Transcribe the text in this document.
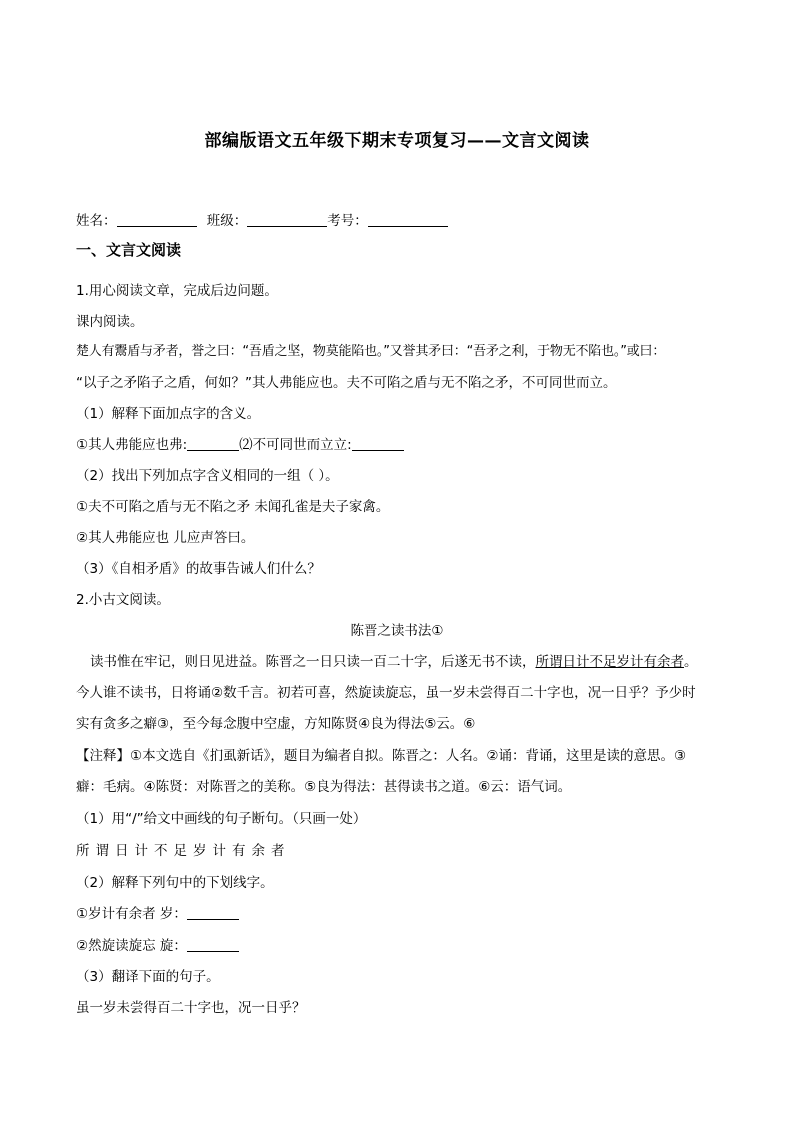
部编版语文五年级下期末专项复习——文言文阅读
姓名：	班级：	考号：
一、文言文阅读
1.用心阅读文章，完成后边问题。
课内阅读。
楚人有鬻盾与矛者，誉之曰：“吾盾之坚，物莫能陷也。”又誉其矛曰：“吾矛之利，于物无不陷也。”或曰：
“以子之矛陷子之盾，何如？”其人弗能应也。夫不可陷之盾与无不陷之矛，不可同世而立。
（1）解释下面加点字的含义。
①其人弗能应也弗:	⑵不可同世而立立:
（2）找出下列加点字含义相同的一组（ ）。
①夫不可陷之盾与无不陷之矛 未闻孔雀是夫子家禽。
②其人弗能应也 儿应声答曰。
（3）《自相矛盾》的故事告诫人们什么？
2.小古文阅读。
陈晋之读书法①
读书惟在牢记，则日见进益。陈晋之一日只读一百二十字，后遂无书不读，所谓日计不足岁计有余者。
今人谁不读书，日将诵②数千言。初若可喜，然旋读旋忘，虽一岁未尝得百二十字也，况一日乎？予少时
实有贪多之癖③，至今每念腹中空虚，方知陈贤④良为得法⑤云。⑥
【注释】①本文选自《扪虱新话》，题目为编者自拟。陈晋之：人名。②诵：背诵，这里是读的意思。③
癖：毛病。④陈贤：对陈晋之的美称。⑤良为得法：甚得读书之道。⑥云：语气词。
（1）用“/”给文中画线的句子断句。（只画一处）
所谓日计不足岁计有余者
（2）解释下列句中的下划线字。
①岁计有余者 岁：
②然旋读旋忘 旋：
（3）翻译下面的句子。
虽一岁未尝得百二十字也，况一日乎？
